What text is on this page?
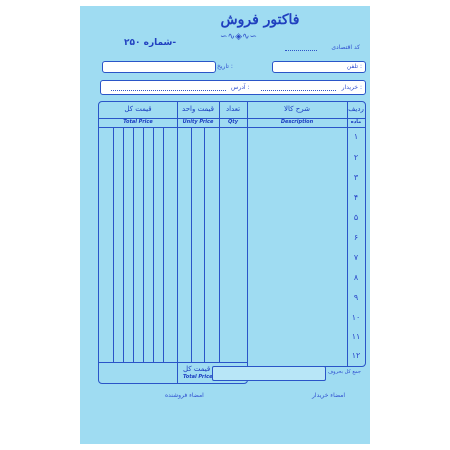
فاکتور فروش
شماره ۲۵۰-
∽∿◈∿∽
کد اقتصادی
تلفن :
تاریخ :
خریدار :
آدرس :
ردیف
ماده
شرح کالا
Description
تعداد
Qty
قیمت واحد
Unity Price
قیمت کل
Total Price
۱
۲
۳
۴
۵
۶
۷
۸
۹
۱۰
۱۱
۱۲
قیمت کل
Total Price
جمع کل بحروف
امضاء فروشنده	امضاء خریدار
